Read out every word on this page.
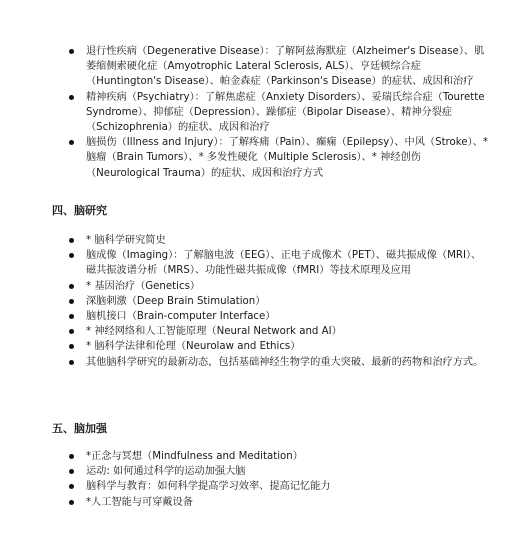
退行性疾病（Degenerative Disease）：了解阿兹海默症（Alzheimer's Disease）、肌萎缩侧索硬化症（Amyotrophic Lateral Sclerosis, ALS）、亨廷顿综合症（Huntington's Disease）、帕金森症（Parkinson's Disease）的症状、成因和治疗
精神疾病（Psychiatry）：了解焦虑症（Anxiety Disorders）、妥瑞氏综合症（Tourette Syndrome）、抑郁症（Depression）、躁郁症（Bipolar Disease）、精神分裂症（Schizophrenia）的症状、成因和治疗
脑损伤（Illness and Injury）：了解疼痛（Pain）、癫痫（Epilepsy）、中风（Stroke）、* 脑瘤（Brain Tumors）、* 多发性硬化（Multiple Sclerosis）、* 神经创伤（Neurological Trauma）的症状、成因和治疗方式
四、脑研究
* 脑科学研究简史
脑成像（Imaging）：了解脑电波（EEG）、正电子成像术（PET）、磁共振成像（MRI）、磁共振波谱分析（MRS）、功能性磁共振成像（fMRI）等技术原理及应用
* 基因治疗（Genetics）
深脑刺激（Deep Brain Stimulation）
脑机接口（Brain-computer Interface）
* 神经网络和人工智能原理（Neural Network and AI）
* 脑科学法律和伦理（Neurolaw and Ethics）
其他脑科学研究的最新动态，包括基础神经生物学的重大突破、最新的药物和治疗方式。
五、脑加强
*正念与冥想（Mindfulness and Meditation）
运动: 如何通过科学的运动加强大脑
脑科学与教育：如何科学提高学习效率、提高记忆能力
*人工智能与可穿戴设备
